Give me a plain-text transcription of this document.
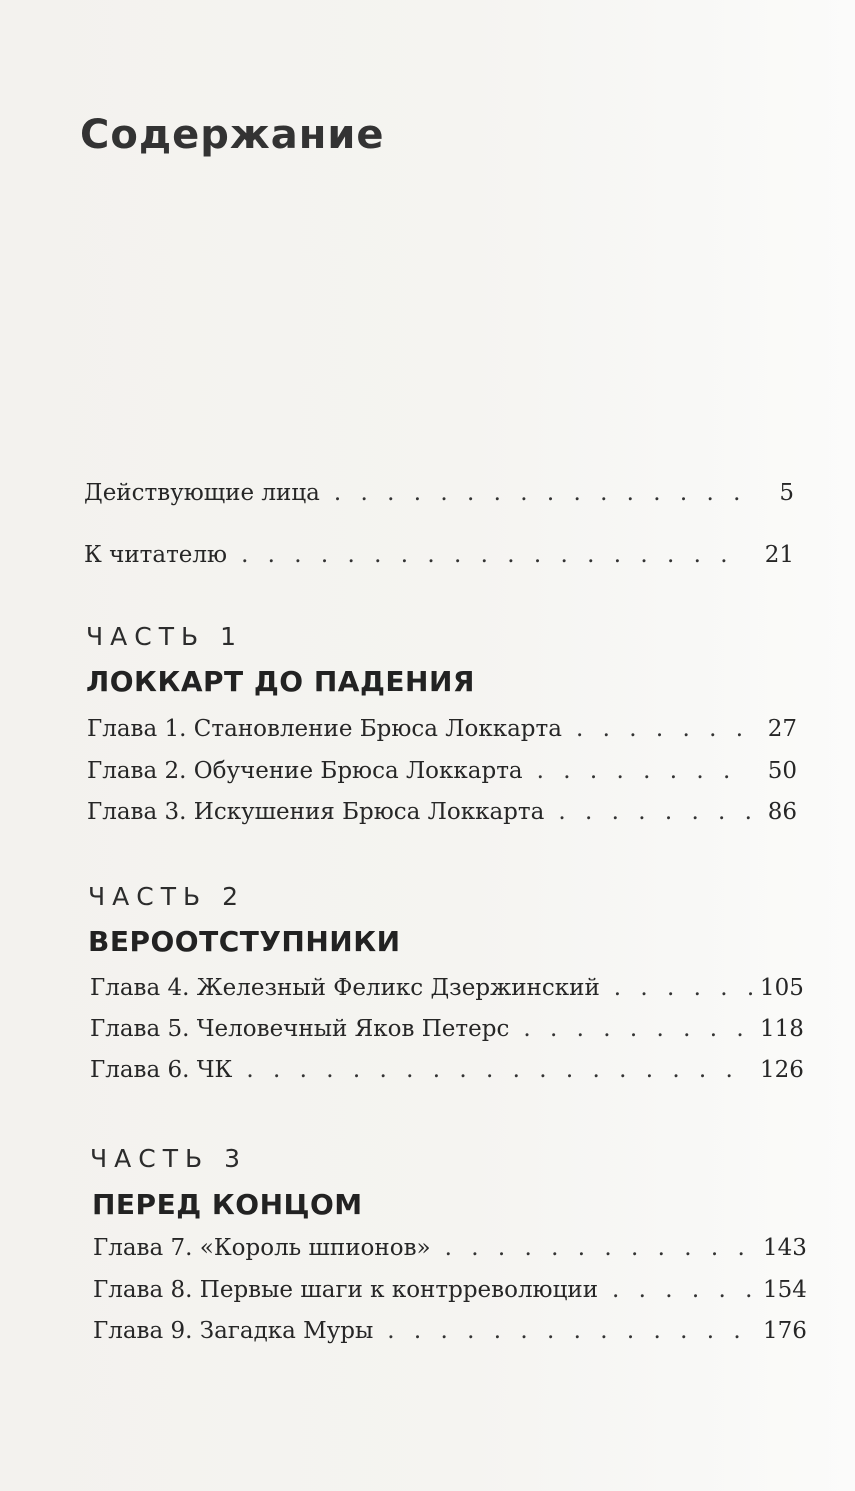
Содержание
Действующие лица . . .	5
К читателю . . .	21
ЧАСТЬ 1
ЛОККАРТ ДО ПАДЕНИЯ
Глава 1. Становление Брюса Локкарта . . .	27
Глава 2. Обучение Брюса Локкарта . . .	50
Глава 3. Искушения Брюса Локкарта . . .	86
ЧАСТЬ 2
ВЕРООТСТУПНИКИ
Глава 4. Железный Феликс Дзержинский . . .	105
Глава 5. Человечный Яков Петерс . . .	118
Глава 6. ЧК . . .	126
ЧАСТЬ 3
ПЕРЕД КОНЦОМ
Глава 7. «Король шпионов» . . .	143
Глава 8. Первые шаги к контрреволюции . . .	154
Глава 9. Загадка Муры . . .	176
